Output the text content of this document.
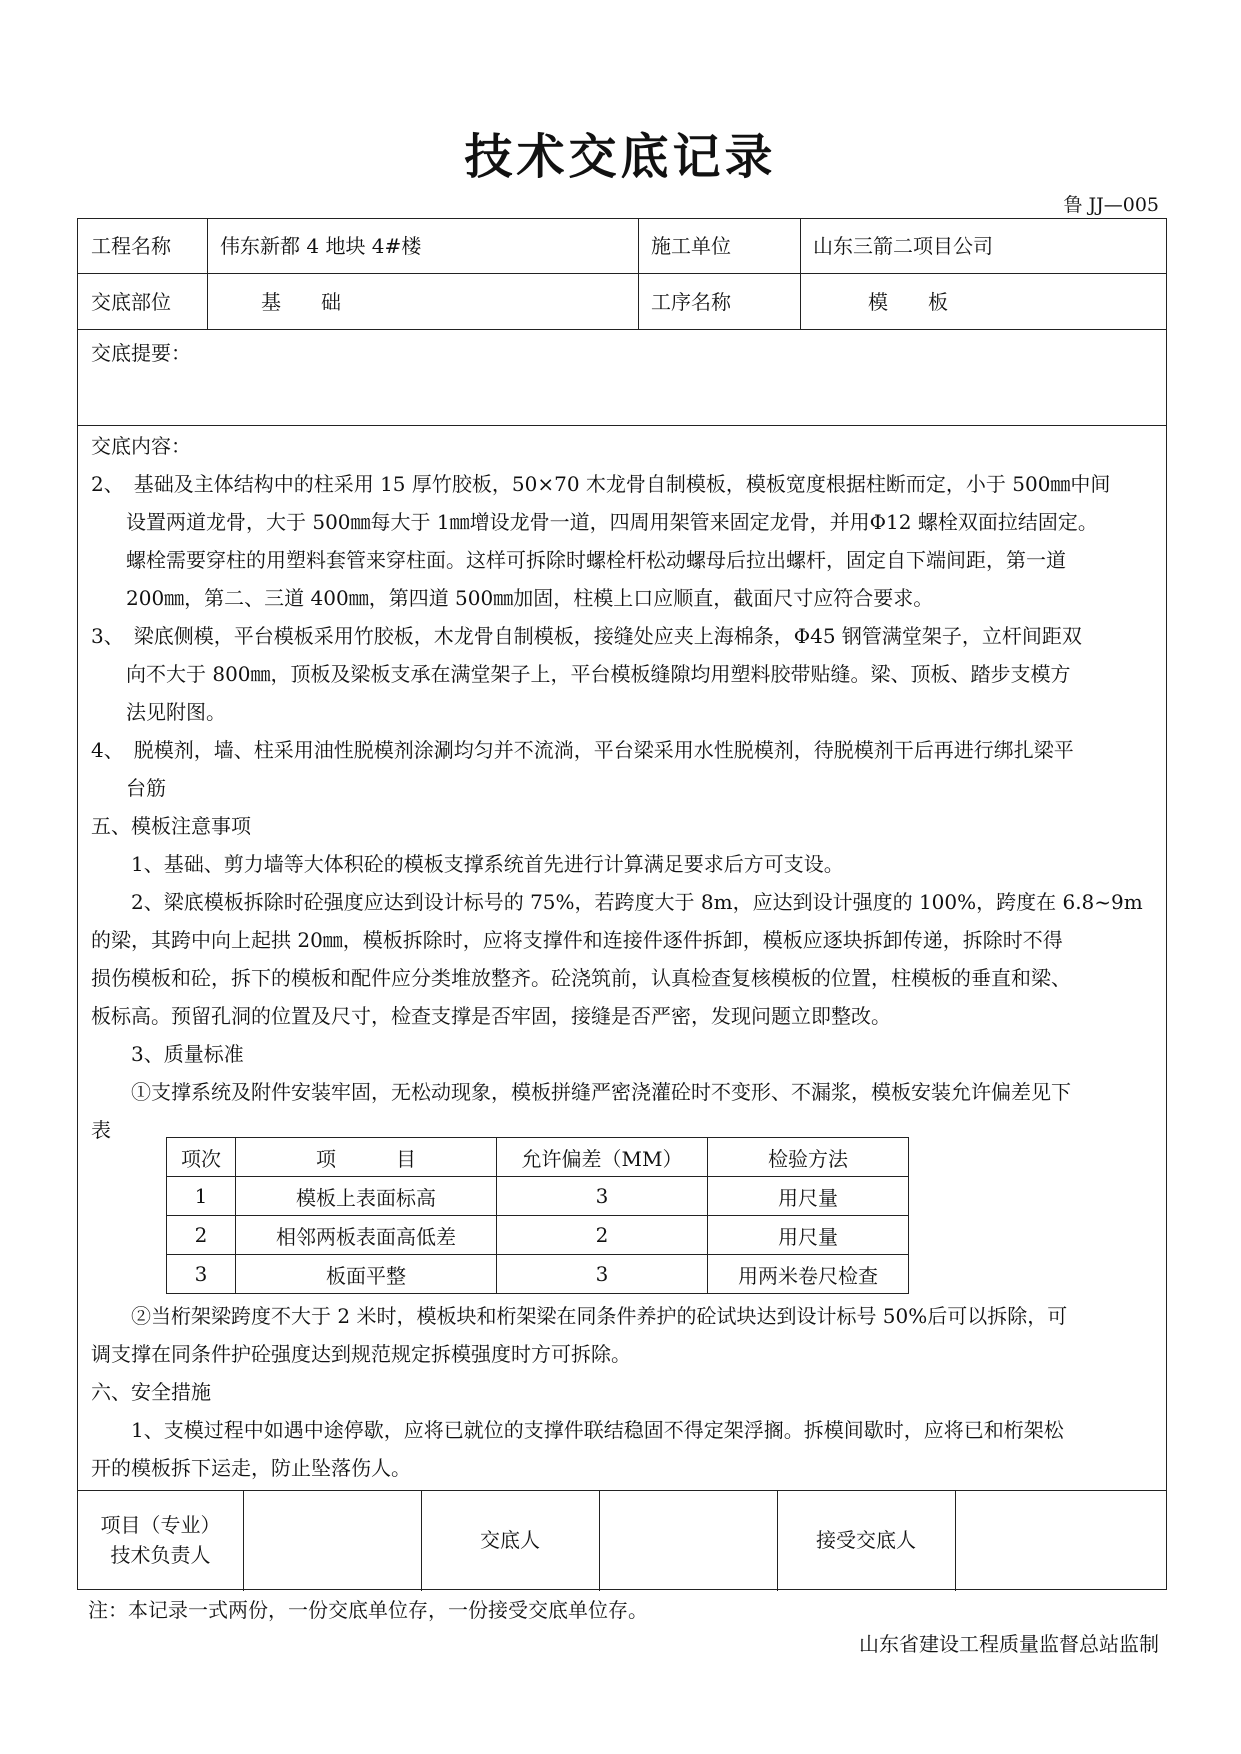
技术交底记录
鲁 JJ—005
工程名称 伟东新都 4 地块 4#楼	施工单位	山东三箭二项目公司
交底部位	基　　础	工序名称	模　　板
交底提要：
交底内容：
2、　基础及主体结构中的柱采用 15 厚竹胶板，50×70 木龙骨自制模板，模板宽度根据柱断而定，小于 500㎜中间
设置两道龙骨，大于 500㎜每大于 1㎜增设龙骨一道，四周用架管来固定龙骨，并用Φ12 螺栓双面拉结固定。
螺栓需要穿柱的用塑料套管来穿柱面。这样可拆除时螺栓杆松动螺母后拉出螺杆，固定自下端间距，第一道
200㎜，第二、三道 400㎜，第四道 500㎜加固，柱模上口应顺直，截面尺寸应符合要求。
3、　梁底侧模，平台模板采用竹胶板，木龙骨自制模板，接缝处应夹上海棉条，Φ45 钢管满堂架子，立杆间距双
向不大于 800㎜，顶板及梁板支承在满堂架子上，平台模板缝隙均用塑料胶带贴缝。梁、顶板、踏步支模方
法见附图。
4、　脱模剂，墙、柱采用油性脱模剂涂涮均匀并不流淌，平台梁采用水性脱模剂，待脱模剂干后再进行绑扎梁平
台筋
五、模板注意事项
1、基础、剪力墙等大体积砼的模板支撑系统首先进行计算满足要求后方可支设。
2、梁底模板拆除时砼强度应达到设计标号的 75%，若跨度大于 8m，应达到设计强度的 100%，跨度在 6.8~9m
的梁，其跨中向上起拱 20㎜，模板拆除时，应将支撑件和连接件逐件拆卸，模板应逐块拆卸传递，拆除时不得
损伤模板和砼，拆下的模板和配件应分类堆放整齐。砼浇筑前，认真检查复核模板的位置，柱模板的垂直和梁、
板标高。预留孔洞的位置及尺寸，检查支撑是否牢固，接缝是否严密，发现问题立即整改。
3、质量标准
①支撑系统及附件安装牢固，无松动现象，模板拼缝严密浇灌砼时不变形、不漏浆，模板安装允许偏差见下
表
项次	项　　　目	允许偏差（MM）	检验方法
1	模板上表面标高	3	用尺量
2	相邻两板表面高低差	2	用尺量
3	板面平整	3	用两米卷尺检查
②当桁架梁跨度不大于 2 米时，模板块和桁架梁在同条件养护的砼试块达到设计标号 50%后可以拆除，可
调支撑在同条件护砼强度达到规范规定拆模强度时方可拆除。
六、安全措施
1、支模过程中如遇中途停歇，应将已就位的支撑件联结稳固不得定架浮搁。拆模间歇时，应将已和桁架松
开的模板拆下运走，防止坠落伤人。
项目（专业）
技术负责人
交底人	接受交底人
注：本记录一式两份，一份交底单位存，一份接受交底单位存。
山东省建设工程质量监督总站监制
